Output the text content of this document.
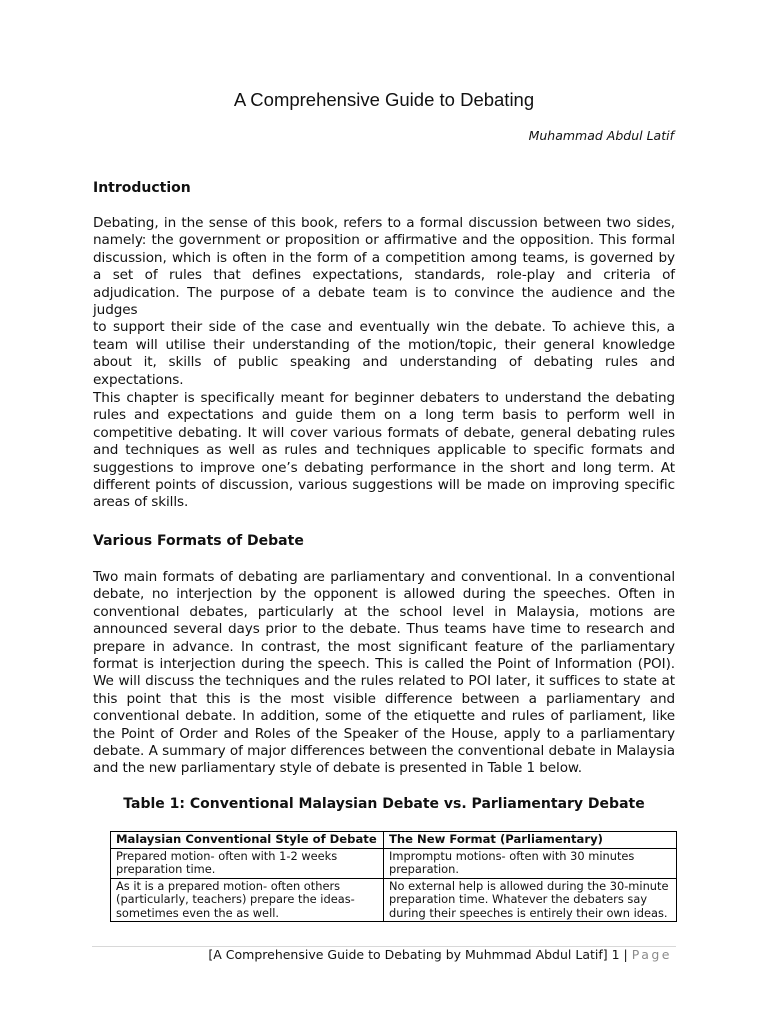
A Comprehensive Guide to Debating
Muhammad Abdul Latif
Introduction
Debating, in the sense of this book, refers to a formal discussion between two sides,
namely: the government or proposition or affirmative and the opposition. This formal
discussion, which is often in the form of a competition among teams, is governed by
a set of rules that defines expectations, standards, role-play and criteria of
adjudication. The purpose of a debate team is to convince the audience and the judges
to support their side of the case and eventually win the debate. To achieve this, a
team will utilise their understanding of the motion/topic, their general knowledge
about it, skills of public speaking and understanding of debating rules and
expectations.
This chapter is specifically meant for beginner debaters to understand the debating
rules and expectations and guide them on a long term basis to perform well in
competitive debating. It will cover various formats of debate, general debating rules
and techniques as well as rules and techniques applicable to specific formats and
suggestions to improve one’s debating performance in the short and long term. At
different points of discussion, various suggestions will be made on improving specific
areas of skills.
Various Formats of Debate
Two main formats of debating are parliamentary and conventional. In a conventional
debate, no interjection by the opponent is allowed during the speeches. Often in
conventional debates, particularly at the school level in Malaysia, motions are
announced several days prior to the debate. Thus teams have time to research and
prepare in advance. In contrast, the most significant feature of the parliamentary
format is interjection during the speech. This is called the Point of Information (POI).
We will discuss the techniques and the rules related to POI later, it suffices to state at
this point that this is the most visible difference between a parliamentary and
conventional debate. In addition, some of the etiquette and rules of parliament, like
the Point of Order and Roles of the Speaker of the House, apply to a parliamentary
debate. A summary of major differences between the conventional debate in Malaysia
and the new parliamentary style of debate is presented in Table 1 below.
Table 1: Conventional Malaysian Debate vs. Parliamentary Debate
Malaysian Conventional Style of Debate	The New Format (Parliamentary)

Prepared motion- often with 1-2 weeks
preparation time.	Impromptu motions- often with 30 minutes
preparation.

As it is a prepared motion- often others
(particularly, teachers) prepare the ideas-
sometimes even the as well.	No external help is allowed during the 30-minute
preparation time. Whatever the debaters say
during their speeches is entirely their own ideas.
[A Comprehensive Guide to Debating by Muhmmad Abdul Latif] 1 | Page
